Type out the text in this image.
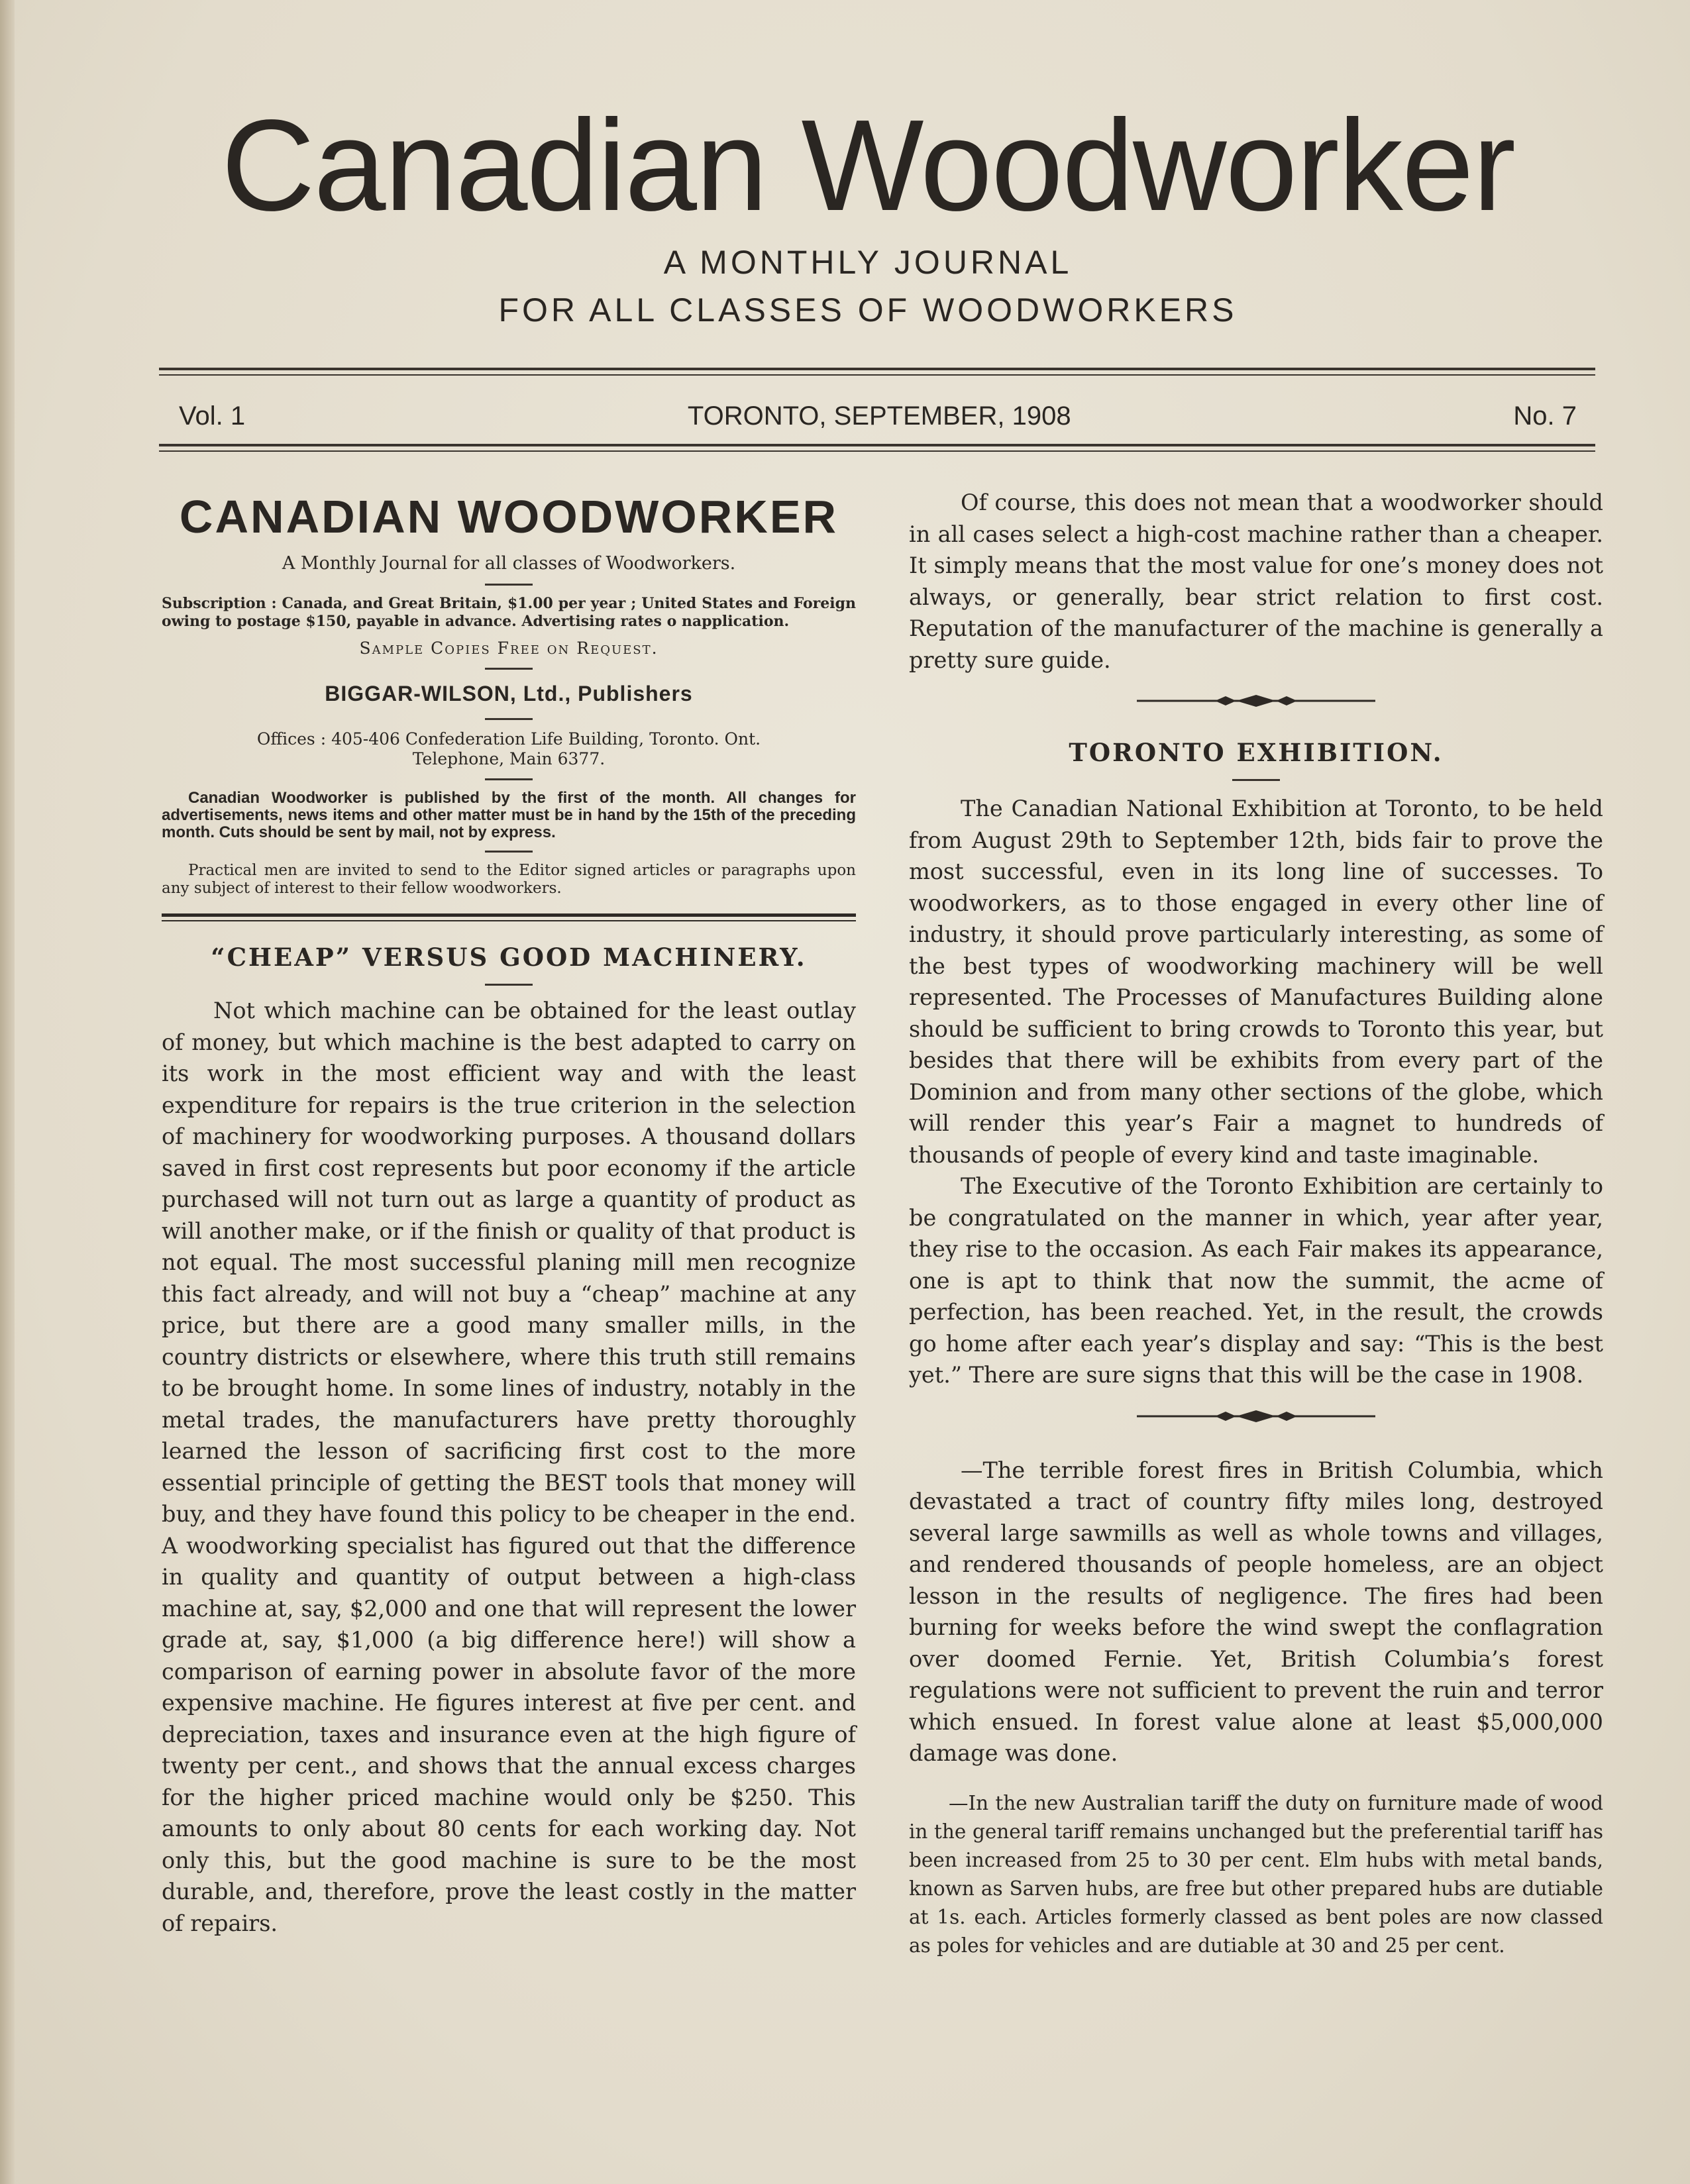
Canadian Woodworker

A MONTHLY JOURNAL

FOR ALL CLASSES OF WOODWORKERS

Vol. 1	TORONTO, SEPTEMBER, 1908	No. 7
CANADIAN WOODWORKER
A Monthly Journal for all classes of Woodworkers.
Subscription : Canada, and Great Britain, $1.00 per year ; United States and Foreign owing to postage $150, payable in advance. Advertising rates o napplication.
Sample Copies Free on Request.
BIGGAR-WILSON, Ltd., Publishers
Offices : 405-406 Confederation Life Building, Toronto. Ont.
Telephone, Main 6377.

Canadian Woodworker is published by the first of the month. All changes for advertisements, news items and other matter must be in hand by the 15th of the preceding month. Cuts should be sent by mail, not by express.

Practical men are invited to send to the Editor signed articles or paragraphs upon any subject of interest to their fellow woodworkers.

“CHEAP” VERSUS GOOD MACHINERY.

Not which machine can be obtained for the least outlay of money, but which machine is the best adapted to carry on its work in the most efficient way and with the least expenditure for repairs is the true criterion in the selection of machinery for woodworking purposes. A thousand dollars saved in first cost represents but poor economy if the article purchased will not turn out as large a quantity of product as will another make, or if the finish or quality of that product is not equal. The most successful planing mill men recognize this fact already, and will not buy a “cheap” machine at any price, but there are a good many smaller mills, in the country districts or elsewhere, where this truth still remains to be brought home. In some lines of industry, notably in the metal trades, the manufacturers have pretty thoroughly learned the lesson of sacrificing first cost to the more essential principle of getting the BEST tools that money will buy, and they have found this policy to be cheaper in the end. A woodworking specialist has figured out that the difference in quality and quantity of output between a high-class machine at, say, $2,000 and one that will represent the lower grade at, say, $1,000 (a big difference here!) will show a comparison of earning power in absolute favor of the more expensive machine. He figures interest at five per cent. and depreciation, taxes and insurance even at the high figure of twenty per cent., and shows that the annual excess charges for the higher priced machine would only be $250. This amounts to only about 80 cents for each working day. Not only this, but the good machine is sure to be the most durable, and, therefore, prove the least costly in the matter of repairs.

Of course, this does not mean that a woodworker should in all cases select a high-cost machine rather than a cheaper. It simply means that the most value for one’s money does not always, or generally, bear strict relation to first cost. Reputation of the manufacturer of the machine is generally a pretty sure guide.

TORONTO EXHIBITION.

The Canadian National Exhibition at Toronto, to be held from August 29th to September 12th, bids fair to prove the most successful, even in its long line of successes. To woodworkers, as to those engaged in every other line of industry, it should prove particularly interesting, as some of the best types of woodworking machinery will be well represented. The Processes of Manufactures Building alone should be sufficient to bring crowds to Toronto this year, but besides that there will be exhibits from every part of the Dominion and from many other sections of the globe, which will render this year’s Fair a magnet to hundreds of thousands of people of every kind and taste imaginable.

The Executive of the Toronto Exhibition are certainly to be congratulated on the manner in which, year after year, they rise to the occasion. As each Fair makes its appearance, one is apt to think that now the summit, the acme of perfection, has been reached. Yet, in the result, the crowds go home after each year’s display and say: “This is the best yet.” There are sure signs that this will be the case in 1908.

—The terrible forest fires in British Columbia, which devastated a tract of country fifty miles long, destroyed several large sawmills as well as whole towns and villages, and rendered thousands of people homeless, are an object lesson in the results of negligence. The fires had been burning for weeks before the wind swept the conflagration over doomed Fernie. Yet, British Columbia’s forest regulations were not sufficient to prevent the ruin and terror which ensued. In forest value alone at least $5,000,000 damage was done.

—In the new Australian tariff the duty on furniture made of wood in the general tariff remains unchanged but the preferential tariff has been increased from 25 to 30 per cent. Elm hubs with metal bands, known as Sarven hubs, are free but other prepared hubs are dutiable at 1s. each. Articles formerly classed as bent poles are now classed as poles for vehicles and are dutiable at 30 and 25 per cent.
